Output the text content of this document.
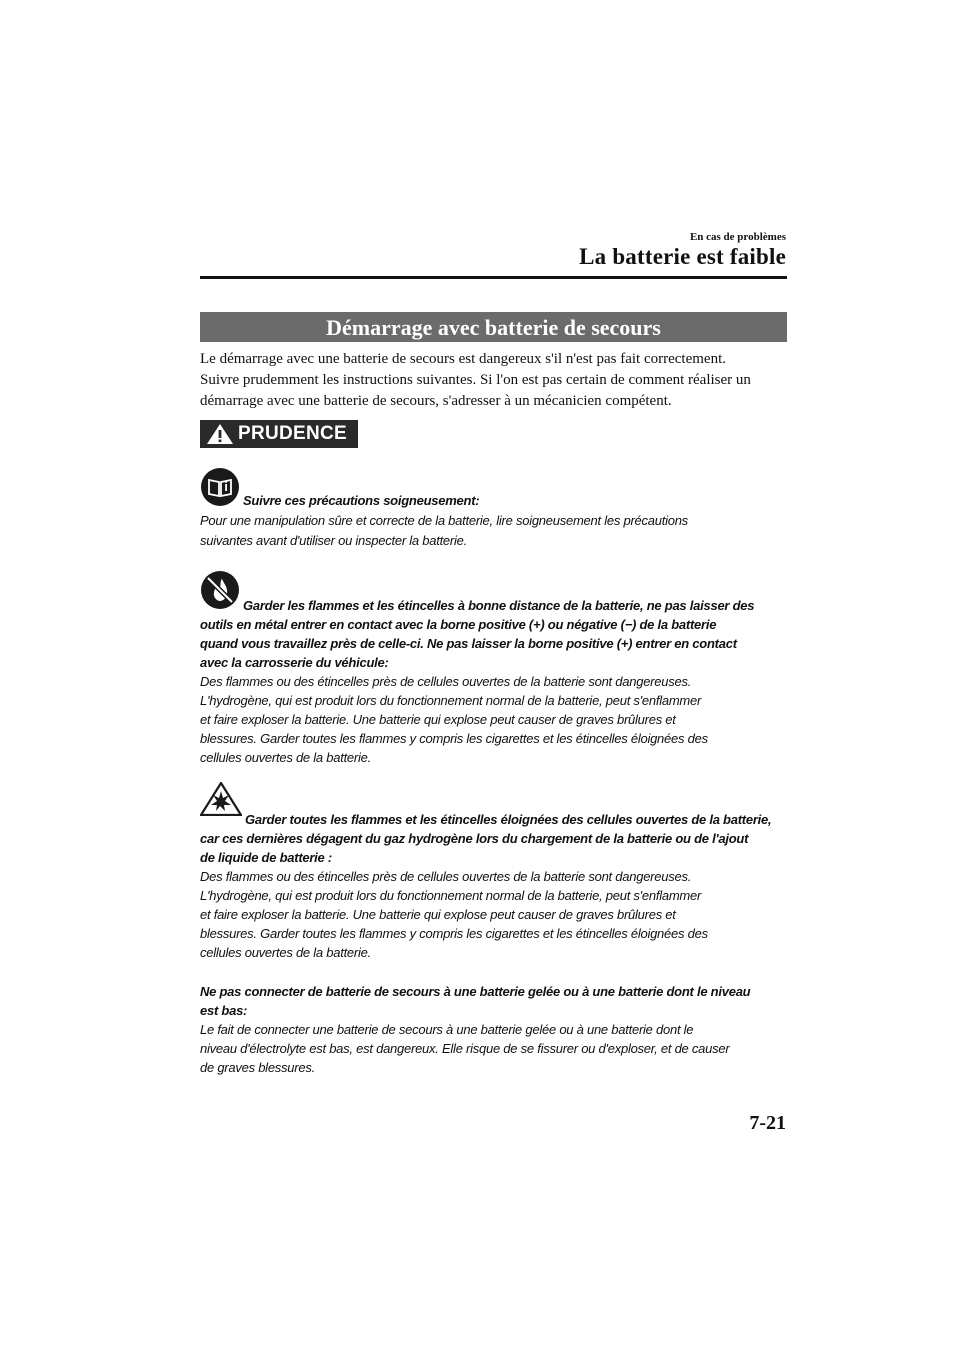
En cas de problèmes
La batterie est faible
Démarrage avec batterie de secours
Le démarrage avec une batterie de secours est dangereux s'il n'est pas fait correctement.
Suivre prudemment les instructions suivantes. Si l'on est pas certain de comment réaliser un
démarrage avec une batterie de secours, s'adresser à un mécanicien compétent.
PRUDENCE
Suivre ces précautions soigneusement:
Pour une manipulation sûre et correcte de la batterie, lire soigneusement les précautions
suivantes avant d'utiliser ou inspecter la batterie.
Garder les flammes et les étincelles à bonne distance de la batterie, ne pas laisser des
outils en métal entrer en contact avec la borne positive (+) ou négative (−) de la batterie
quand vous travaillez près de celle-ci. Ne pas laisser la borne positive (+) entrer en contact
avec la carrosserie du véhicule:
Des flammes ou des étincelles près de cellules ouvertes de la batterie sont dangereuses.
L'hydrogène, qui est produit lors du fonctionnement normal de la batterie, peut s'enflammer
et faire exploser la batterie. Une batterie qui explose peut causer de graves brûlures et
blessures. Garder toutes les flammes y compris les cigarettes et les étincelles éloignées des
cellules ouvertes de la batterie.
Garder toutes les flammes et les étincelles éloignées des cellules ouvertes de la batterie,
car ces dernières dégagent du gaz hydrogène lors du chargement de la batterie ou de l'ajout
de liquide de batterie :
Des flammes ou des étincelles près de cellules ouvertes de la batterie sont dangereuses.
L'hydrogène, qui est produit lors du fonctionnement normal de la batterie, peut s'enflammer
et faire exploser la batterie. Une batterie qui explose peut causer de graves brûlures et
blessures. Garder toutes les flammes y compris les cigarettes et les étincelles éloignées des
cellules ouvertes de la batterie.
Ne pas connecter de batterie de secours à une batterie gelée ou à une batterie dont le niveau
est bas:
Le fait de connecter une batterie de secours à une batterie gelée ou à une batterie dont le
niveau d'électrolyte est bas, est dangereux. Elle risque de se fissurer ou d'exploser, et de causer
de graves blessures.
7-21
